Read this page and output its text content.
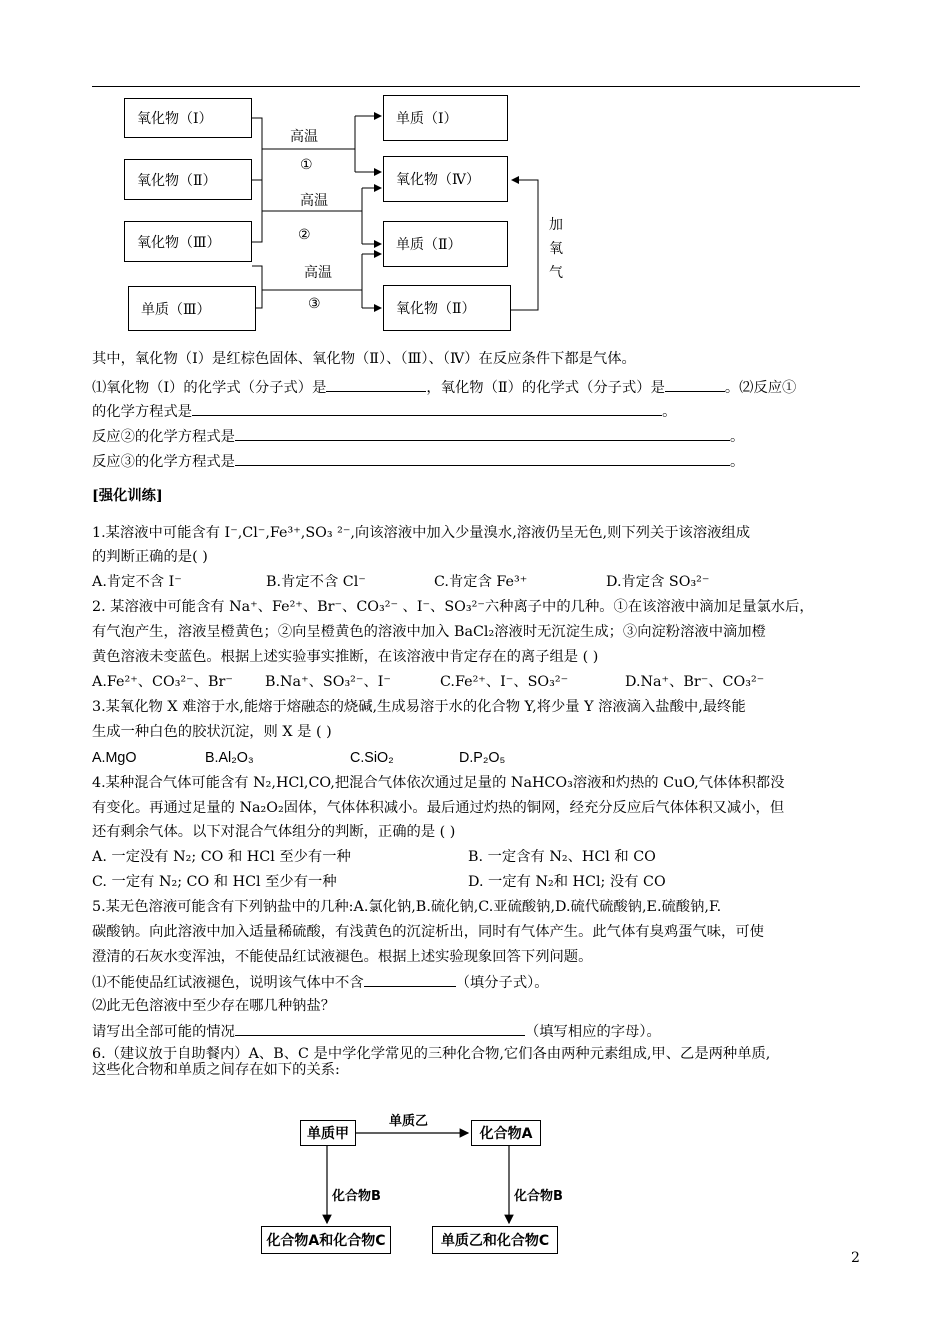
氧化物（Ⅰ）
氧化物（Ⅱ）
氧化物（Ⅲ）
单质（Ⅲ）
单质（Ⅰ）
氧化物（Ⅳ）
单质（Ⅱ）
氧化物（Ⅱ）
高温
①
高温
②
高温
③
加
氧
气
其中，氧化物（Ⅰ）是红棕色固体、氧化物（Ⅱ）、（Ⅲ）、（Ⅳ）在反应条件下都是气体。
⑴氧化物（Ⅰ）的化学式（分子式）是	，氧化物（Ⅱ）的化学式（分子式）是	。⑵反应①
的化学方程式是	。
反应②的化学方程式是	。
反应③的化学方程式是	。
[强化训练]
1.某溶液中可能含有 I⁻,Cl⁻,Fe³⁺,SO₃ ²⁻,向该溶液中加入少量溴水,溶液仍呈无色,则下列关于该溶液组成
的判断正确的是( )
A.肯定不含 I⁻	B.肯定不含 Cl⁻	C.肯定含 Fe³⁺	D.肯定含 SO₃²⁻
2. 某溶液中可能含有 Na⁺、Fe²⁺、Br⁻、CO₃²⁻ 、I⁻、SO₃²⁻六种离子中的几种。①在该溶液中滴加足量氯水后，
有气泡产生，溶液呈橙黄色；②向呈橙黄色的溶液中加入 BaCl₂溶液时无沉淀生成；③向淀粉溶液中滴加橙
黄色溶液未变蓝色。根据上述实验事实推断，在该溶液中肯定存在的离子组是 ( )
A.Fe²⁺、CO₃²⁻、Br⁻ B.Na⁺、SO₃²⁻、I⁻	C.Fe²⁺、I⁻、SO₃²⁻	D.Na⁺、Br⁻、CO₃²⁻
3.某氧化物 X 难溶于水,能熔于熔融态的烧碱,生成易溶于水的化合物 Y,将少量 Y 溶液滴入盐酸中,最终能
生成一种白色的胶状沉淀，则 X 是 ( )
A.MgO	B.Al₂O₃	C.SiO₂	D.P₂O₅
4.某种混合气体可能含有 N₂,HCl,CO,把混合气体依次通过足量的 NaHCO₃溶液和灼热的 CuO,气体体积都没
有变化。再通过足量的 Na₂O₂固体，气体体积减小。最后通过灼热的铜网，经充分反应后气体体积又减小，但
还有剩余气体。以下对混合气体组分的判断，正确的是 ( )
A. 一定没有 N₂; CO 和 HCl 至少有一种	B. 一定含有 N₂、HCl 和 CO
C. 一定有 N₂; CO 和 HCl 至少有一种	D. 一定有 N₂和 HCl; 没有 CO
5.某无色溶液可能含有下列钠盐中的几种:A.氯化钠,B.硫化钠,C.亚硫酸钠,D.硫代硫酸钠,E.硫酸钠,F.
碳酸钠。向此溶液中加入适量稀硫酸，有浅黄色的沉淀析出，同时有气体产生。此气体有臭鸡蛋气味，可使
澄清的石灰水变浑浊，不能使品红试液褪色。根据上述实验现象回答下列问题。
⑴不能使品红试液褪色，说明该气体中不含	（填分子式）。
⑵此无色溶液中至少存在哪几种钠盐？
请写出全部可能的情况	（填写相应的字母）。
6.（建议放于自助餐内）A、B、C 是中学化学常见的三种化合物,它们各由两种元素组成,甲、乙是两种单质,
这些化合物和单质之间存在如下的关系:
单质甲	化合物A
化合物A和化合物C	单质乙和化合物C
单质乙
化合物B	化合物B
2
